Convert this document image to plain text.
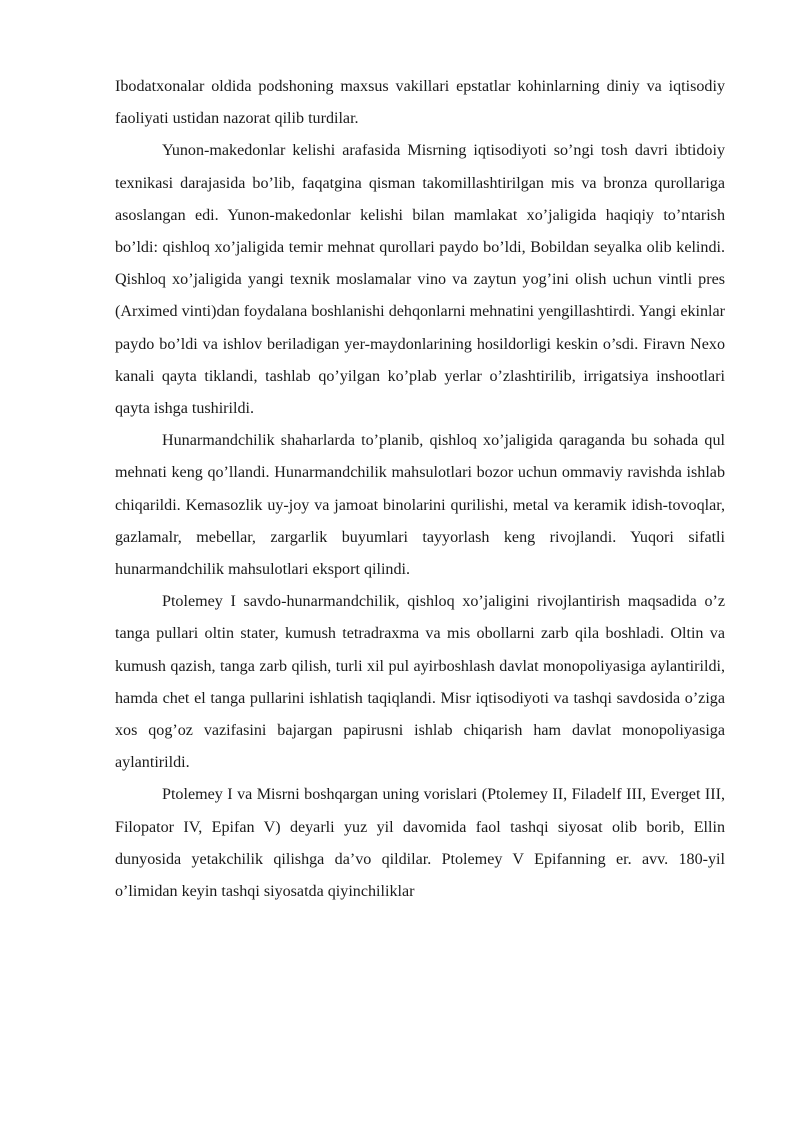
Ibodatxonalar oldida podshoning maxsus vakillari epstatlar kohinlarning diniy va iqtisodiy faoliyati ustidan nazorat qilib turdilar.

Yunon-makedonlar kelishi arafasida Misrning iqtisodiyoti so’ngi tosh davri ibtidoiy texnikasi darajasida bo’lib, faqatgina qisman takomillashtirilgan mis va bronza qurollariga asoslangan edi. Yunon-makedonlar kelishi bilan mamlakat xo’jaligida haqiqiy to’ntarish bo’ldi: qishloq xo’jaligida temir mehnat qurollari paydo bo’ldi, Bobildan seyalka olib kelindi. Qishloq xo’jaligida yangi texnik moslamalar vino va zaytun yog’ini olish uchun vintli pres (Arximed vinti)dan foydalana boshlanishi dehqonlarni mehnatini yengillashtirdi. Yangi ekinlar paydo bo’ldi va ishlov beriladigan yer-maydonlarining hosildorligi keskin o’sdi. Firavn Nexo kanali qayta tiklandi, tashlab qo’yilgan ko’plab yerlar o’zlashtirilib, irrigatsiya inshootlari qayta ishga tushirildi.

Hunarmandchilik shaharlarda to’planib, qishloq xo’jaligida qaraganda bu sohada qul mehnati keng qo’llandi. Hunarmandchilik mahsulotlari bozor uchun ommaviy ravishda ishlab chiqarildi. Kemasozlik uy-joy va jamoat binolarini qurilishi, metal va keramik idish-tovoqlar, gazlamalr, mebellar, zargarlik buyumlari tayyorlash keng rivojlandi. Yuqori sifatli hunarmandchilik mahsulotlari eksport qilindi.

Ptolemey I savdo-hunarmandchilik, qishloq xo’jaligini rivojlantirish maqsadida o’z tanga pullari oltin stater, kumush tetradraxma va mis obollarni zarb qila boshladi. Oltin va kumush qazish, tanga zarb qilish, turli xil pul ayirboshlash davlat monopoliyasiga aylantirildi, hamda chet el tanga pullarini ishlatish taqiqlandi. Misr iqtisodiyoti va tashqi savdosida o’ziga xos qog’oz vazifasini bajargan papirusni ishlab chiqarish ham davlat monopoliyasiga aylantirildi.

Ptolemey I va Misrni boshqargan uning vorislari (Ptolemey II, Filadelf III, Everget III, Filopator IV, Epifan V) deyarli yuz yil davomida faol tashqi siyosat olib borib, Ellin dunyosida yetakchilik qilishga da’vo qildilar. Ptolemey V Epifanning er. avv. 180-yil o’limidan keyin tashqi siyosatda qiyinchiliklar
